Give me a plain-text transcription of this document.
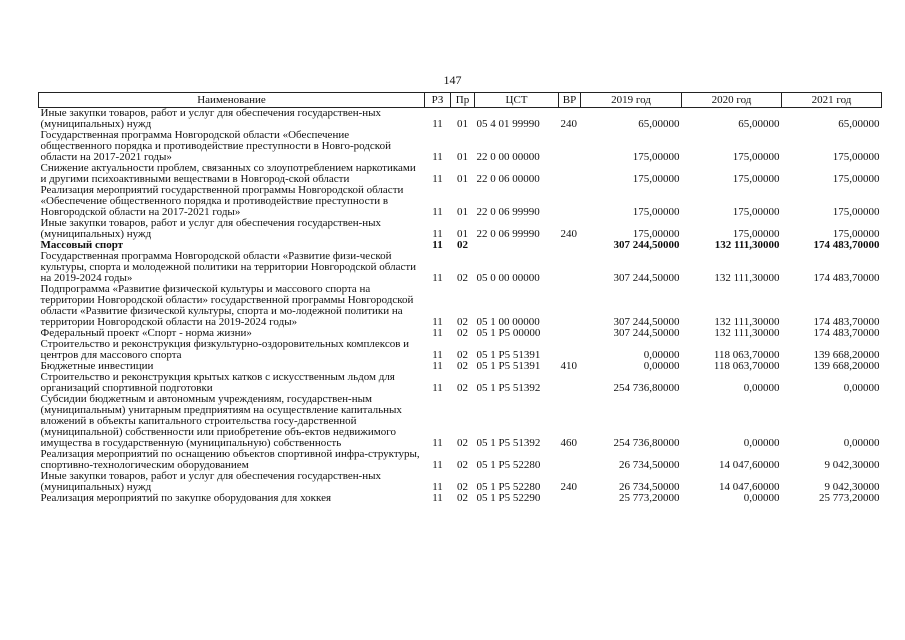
147
Наименование	РЗ	Пр	ЦСТ	ВР	2019 год	2020 год	2021 год
Иные закупки товаров, работ и услуг для обеспечения государствен-ных (муниципальных) нужд	11	01	05 4 01 99990	240	65,00000	65,00000	65,00000
Государственная программа Новгородской области «Обеспечение общественного порядка и противодействие преступности в Новго-родской области на 2017-2021 годы»	11	01	22 0 00 00000		175,00000	175,00000	175,00000
Снижение актуальности проблем, связанных со злоупотреблением наркотиками и другими психоактивными веществами в Новгород-ской области	11	01	22 0 06 00000		175,00000	175,00000	175,00000
Реализация мероприятий государственной программы Новгородской области «Обеспечение общественного порядка и противодействие преступности в Новгородской области на 2017-2021 годы»	11	01	22 0 06 99990		175,00000	175,00000	175,00000
Иные закупки товаров, работ и услуг для обеспечения государствен-ных (муниципальных) нужд	11	01	22 0 06 99990	240	175,00000	175,00000	175,00000
Массовый спорт	11	02			307 244,50000	132 111,30000	174 483,70000
Государственная программа Новгородской области «Развитие физи-ческой культуры, спорта и молодежной политики на территории Новгородской области на 2019-2024 годы»	11	02	05 0 00 00000		307 244,50000	132 111,30000	174 483,70000
Подпрограмма «Развитие физической культуры и массового спорта на территории Новгородской области» государственной программы Новгородской области «Развитие физической культуры, спорта и мо-лодежной политики на территории Новгородской области на 2019-2024 годы»	11	02	05 1 00 00000		307 244,50000	132 111,30000	174 483,70000
Федеральный проект «Спорт - норма жизни»	11	02	05 1 P5 00000		307 244,50000	132 111,30000	174 483,70000
Строительство и реконструкция физкультурно-оздоровительных комплексов и центров для массового спорта	11	02	05 1 P5 51391		0,00000	118 063,70000	139 668,20000
Бюджетные инвестиции	11	02	05 1 P5 51391	410	0,00000	118 063,70000	139 668,20000
Строительство и реконструкция крытых катков с искусственным льдом для организаций спортивной подготовки	11	02	05 1 P5 51392		254 736,80000	0,00000	0,00000
Субсидии бюджетным и автономным учреждениям, государствен-ным (муниципальным) унитарным предприятиям на осуществление капитальных вложений в объекты капитального строительства госу-дарственной (муниципальной) собственности или приобретение объ-ектов недвижимого имущества в государственную (муниципальную) собственность	11	02	05 1 P5 51392	460	254 736,80000	0,00000	0,00000
Реализация мероприятий по оснащению объектов спортивной инфра-структуры, спортивно-технологическим оборудованием	11	02	05 1 P5 52280		26 734,50000	14 047,60000	9 042,30000
Иные закупки товаров, работ и услуг для обеспечения государствен-ных (муниципальных) нужд	11	02	05 1 P5 52280	240	26 734,50000	14 047,60000	9 042,30000
Реализация мероприятий по закупке оборудования для хоккея	11	02	05 1 P5 52290		25 773,20000	0,00000	25 773,20000
